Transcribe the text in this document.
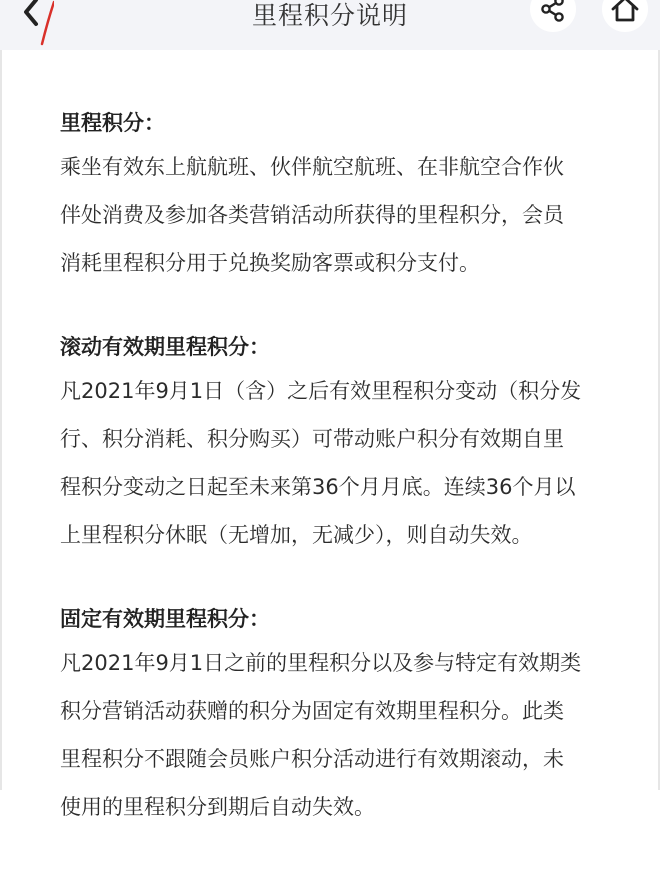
里程积分说明
里程积分：
乘坐有效东上航航班、伙伴航空航班、在非航空合作伙
伴处消费及参加各类营销活动所获得的里程积分，会员
消耗里程积分用于兑换奖励客票或积分支付。
滚动有效期里程积分：
凡2021年9月1日（含）之后有效里程积分变动（积分发
行、积分消耗、积分购买）可带动账户积分有效期自里
程积分变动之日起至未来第36个月月底。连续36个月以
上里程积分休眠（无增加，无减少），则自动失效。
固定有效期里程积分：
凡2021年9月1日之前的里程积分以及参与特定有效期类
积分营销活动获赠的积分为固定有效期里程积分。此类
里程积分不跟随会员账户积分活动进行有效期滚动，未
使用的里程积分到期后自动失效。
